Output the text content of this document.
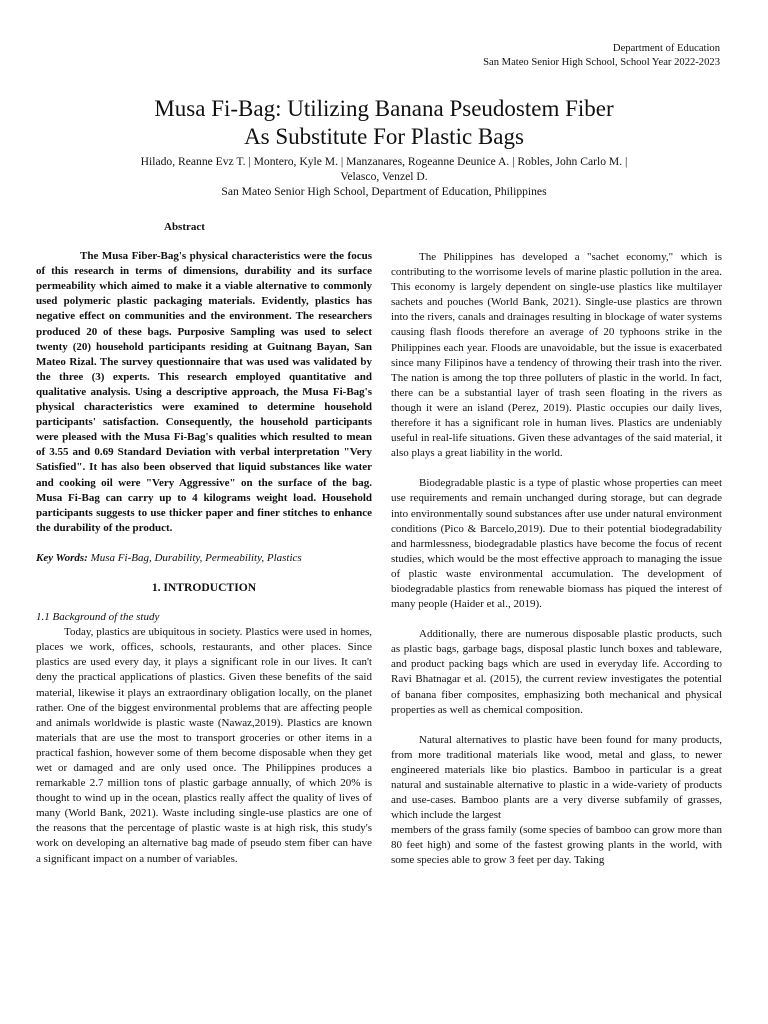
Department of Education
San Mateo Senior High School, School Year 2022-2023
Musa Fi-Bag: Utilizing Banana Pseudostem Fiber
As Substitute For Plastic Bags
Hilado, Reanne Evz T. | Montero, Kyle M. | Manzanares, Rogeanne Deunice A. | Robles, John Carlo M. |
Velasco, Venzel D.
San Mateo Senior High School, Department of Education, Philippines
Abstract

The Musa Fiber-Bag's physical characteristics were the focus of this research in terms of dimensions, durability and its surface permeability which aimed to make it a viable alternative to commonly used polymeric plastic packaging materials. Evidently, plastics has negative effect on communities and the environment. The researchers produced 20 of these bags. Purposive Sampling was used to select twenty (20) household participants residing at Guitnang Bayan, San Mateo Rizal. The survey questionnaire that was used was validated by the three (3) experts. This research employed quantitative and qualitative analysis. Using a descriptive approach, the Musa Fi-Bag's physical characteristics were examined to determine household participants' satisfaction. Consequently, the household participants were pleased with the Musa Fi-Bag's qualities which resulted to mean of 3.55 and 0.69 Standard Deviation with verbal interpretation "Very Satisfied". It has also been observed that liquid substances like water and cooking oil were "Very Aggressive" on the surface of the bag. Musa Fi-Bag can carry up to 4 kilograms weight load. Household participants suggests to use thicker paper and finer stitches to enhance the durability of the product.

Key Words: Musa Fi-Bag, Durability, Permeability, Plastics

1. INTRODUCTION
1.1 Background of the study

Today, plastics are ubiquitous in society. Plastics were used in homes, places we work, offices, schools, restaurants, and other places. Since plastics are used every day, it plays a significant role in our lives. It can't deny the practical applications of plastics. Given these benefits of the said material, likewise it plays an extraordinary obligation locally, on the planet rather. One of the biggest environmental problems that are affecting people and animals worldwide is plastic waste (Nawaz,2019). Plastics are known materials that are use the most to transport groceries or other items in a practical fashion, however some of them become disposable when they get wet or damaged and are only used once. The Philippines produces a remarkable 2.7 million tons of plastic garbage annually, of which 20% is thought to wind up in the ocean, plastics really affect the quality of lives of many (World Bank, 2021). Waste including single-use plastics are one of the reasons that the percentage of plastic waste is at high risk, this study's work on developing an alternative bag made of pseudo stem fiber can have a significant impact on a number of variables.

The Philippines has developed a "sachet economy," which is contributing to the worrisome levels of marine plastic pollution in the area. This economy is largely dependent on single-use plastics like multilayer sachets and pouches (World Bank, 2021). Single-use plastics are thrown into the rivers, canals and drainages resulting in blockage of water systems causing flash floods therefore an average of 20 typhoons strike in the Philippines each year. Floods are unavoidable, but the issue is exacerbated since many Filipinos have a tendency of throwing their trash into the river. The nation is among the top three polluters of plastic in the world. In fact, there can be a substantial layer of trash seen floating in the rivers as though it were an island (Perez, 2019). Plastic occupies our daily lives, therefore it has a significant role in human lives. Plastics are undeniably useful in real-life situations. Given these advantages of the said material, it also plays a great liability in the world.

Biodegradable plastic is a type of plastic whose properties can meet use requirements and remain unchanged during storage, but can degrade into environmentally sound substances after use under natural environment conditions (Pico & Barcelo,2019). Due to their potential biodegradability and harmlessness, biodegradable plastics have become the focus of recent studies, which would be the most effective approach to managing the issue of plastic waste environmental accumulation. The development of biodegradable plastics from renewable biomass has piqued the interest of many people (Haider et al., 2019).

Additionally, there are numerous disposable plastic products, such as plastic bags, garbage bags, disposal plastic lunch boxes and tableware, and product packing bags which are used in everyday life. According to Ravi Bhatnagar et al. (2015), the current review investigates the potential of banana fiber composites, emphasizing both mechanical and physical properties as well as chemical composition.

Natural alternatives to plastic have been found for many products, from more traditional materials like wood, metal and glass, to newer engineered materials like bio plastics. Bamboo in particular is a great natural and sustainable alternative to plastic in a wide-variety of products and use-cases. Bamboo plants are a very diverse subfamily of grasses, which include the largest

members of the grass family (some species of bamboo can grow more than 80 feet high) and some of the fastest growing plants in the world, with some species able to grow 3 feet per day. Taking
